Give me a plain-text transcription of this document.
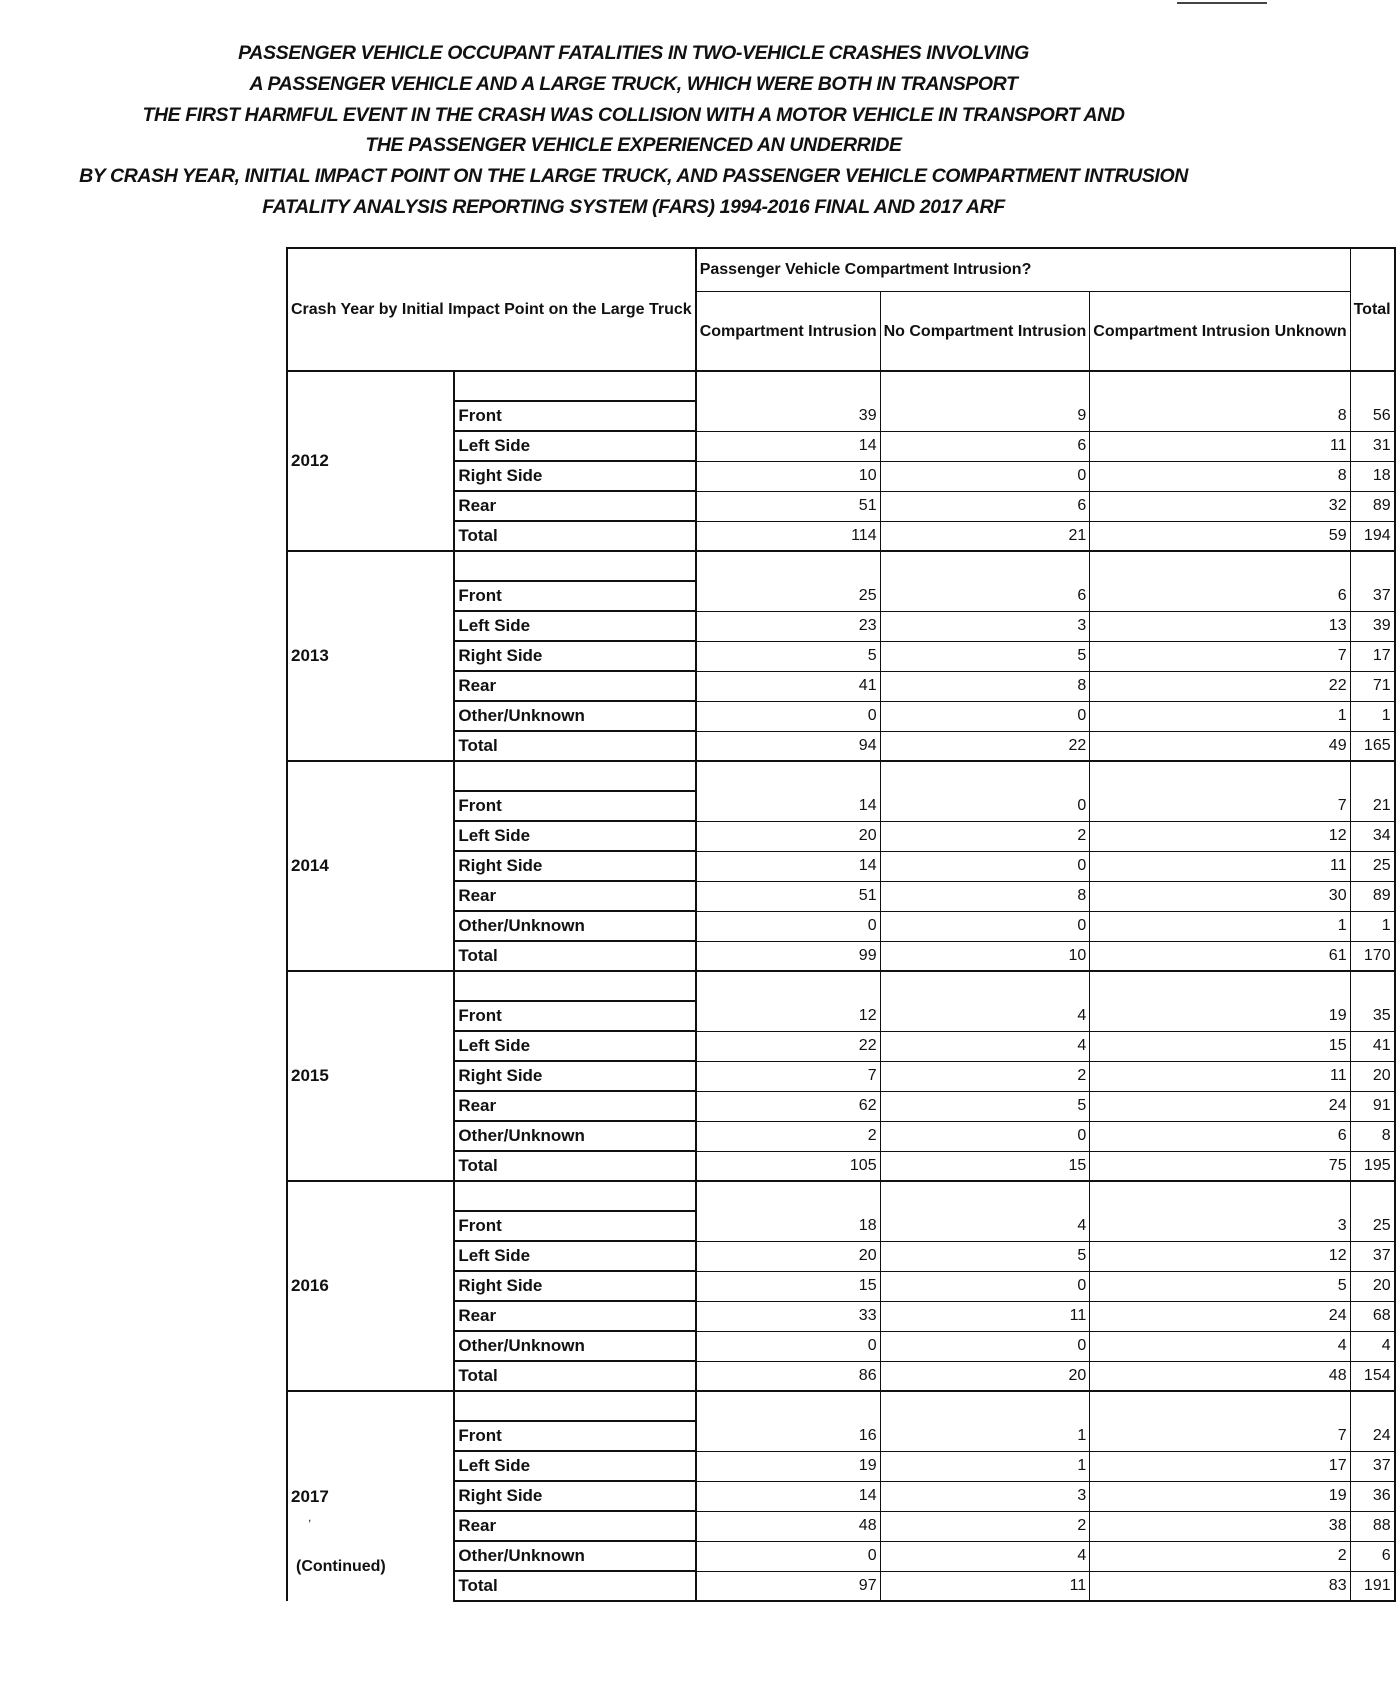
PASSENGER VEHICLE OCCUPANT FATALITIES IN TWO-VEHICLE CRASHES INVOLVING
A PASSENGER VEHICLE AND A LARGE TRUCK, WHICH WERE BOTH IN TRANSPORT
THE FIRST HARMFUL EVENT IN THE CRASH WAS COLLISION WITH A MOTOR VEHICLE IN TRANSPORT AND
THE PASSENGER VEHICLE EXPERIENCED AN UNDERRIDE
BY CRASH YEAR, INITIAL IMPACT POINT ON THE LARGE TRUCK, AND PASSENGER VEHICLE COMPARTMENT INTRUSION
FATALITY ANALYSIS REPORTING SYSTEM (FARS) 1994-2016 FINAL AND 2017 ARF
Crash Year by Initial Impact Point on the Large Truck		Passenger Vehicle Compartment Intrusion?			Total
		Compartment Intrusion	No Compartment Intrusion	Compartment Intrusion Unknown	
2012					
	Front	39	9	8	56
	Left Side	14	6	11	31
	Right Side	10	0	8	18
	Rear	51	6	32	89
	Total	114	21	59	194
2013					
	Front	25	6	6	37
	Left Side	23	3	13	39
	Right Side	5	5	7	17
	Rear	41	8	22	71
	Other/Unknown	0	0	1	1
	Total	94	22	49	165
2014					
	Front	14	0	7	21
	Left Side	20	2	12	34
	Right Side	14	0	11	25
	Rear	51	8	30	89
	Other/Unknown	0	0	1	1
	Total	99	10	61	170
2015					
	Front	12	4	19	35
	Left Side	22	4	15	41
	Right Side	7	2	11	20
	Rear	62	5	24	91
	Other/Unknown	2	0	6	8
	Total	105	15	75	195
2016					
	Front	18	4	3	25
	Left Side	20	5	12	37
	Right Side	15	0	5	20
	Rear	33	11	24	68
	Other/Unknown	0	0	4	4
	Total	86	20	48	154
2017					
	Front	16	1	7	24
	Left Side	19	1	17	37
	Right Side	14	3	19	36
	Rear	48	2	38	88
	Other/Unknown	0	4	2	6
	Total	97	11	83	191
,
(Continued)
